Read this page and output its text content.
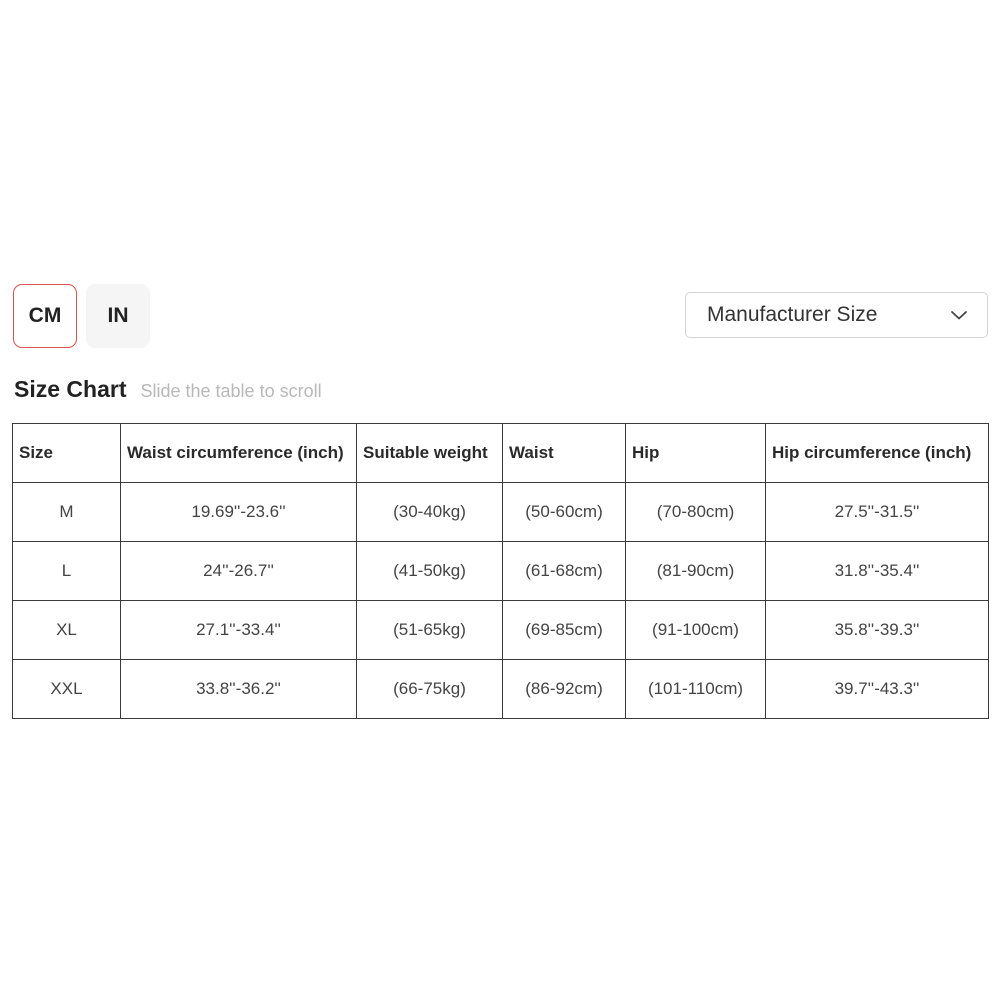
CM	IN	Manufacturer Size
Size Chart Slide the table to scroll
Size	Waist circumference (inch)	Suitable weight	Waist	Hip	Hip circumference (inch)
M	19.69''-23.6''	(30-40kg)	(50-60cm)	(70-80cm)	27.5''-31.5''
L	24''-26.7''	(41-50kg)	(61-68cm)	(81-90cm)	31.8''-35.4''
XL	27.1''-33.4''	(51-65kg)	(69-85cm)	(91-100cm)	35.8''-39.3''
XXL	33.8''-36.2''	(66-75kg)	(86-92cm)	(101-110cm)	39.7''-43.3''
